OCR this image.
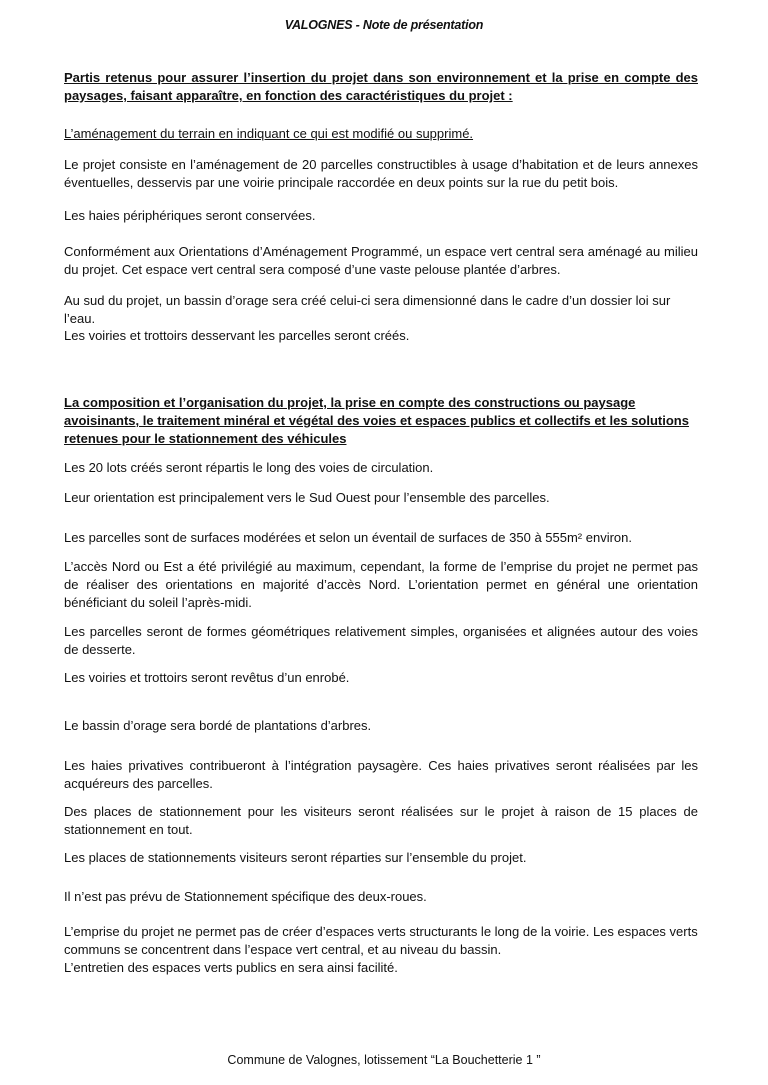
VALOGNES - Note de présentation
Partis retenus pour assurer l’insertion du projet dans son environnement et la prise en compte des paysages, faisant apparaître, en fonction des caractéristiques du projet :
L’aménagement du terrain en indiquant ce qui est modifié ou supprimé.
Le projet consiste en l’aménagement de 20 parcelles constructibles à usage d’habitation et de leurs annexes éventuelles, desservis par une voirie principale raccordée en deux points sur la rue du petit bois.
Les haies périphériques seront conservées.
Conformément aux Orientations d’Aménagement Programmé, un espace vert central sera aménagé au milieu du projet. Cet espace vert central sera composé d’une vaste pelouse plantée d’arbres.
Au sud du projet, un bassin d’orage sera créé celui-ci sera dimensionné dans le cadre d’un dossier loi sur l’eau.
Les voiries et trottoirs desservant les parcelles seront créés.
La composition et l’organisation du projet, la prise en compte des constructions ou paysage avoisinants, le traitement minéral et végétal des voies et espaces publics et collectifs et les solutions retenues pour le stationnement des véhicules
Les 20 lots créés seront répartis le long des voies de circulation.
Leur orientation est principalement vers le Sud Ouest pour l’ensemble des parcelles.
Les parcelles sont de surfaces modérées et selon un éventail de surfaces de 350 à 555m² environ.
L’accès Nord ou Est a été privilégié au maximum, cependant, la forme de l’emprise du projet ne permet pas de réaliser des orientations en majorité d’accès Nord. L’orientation permet en général une orientation bénéficiant du soleil l’après-midi.
Les parcelles seront de formes géométriques relativement simples, organisées et alignées autour des voies de desserte.
Les voiries et trottoirs seront revêtus d’un enrobé.
Le bassin d’orage sera bordé de plantations d’arbres.
Les haies privatives contribueront à l’intégration paysagère. Ces haies privatives seront réalisées par les acquéreurs des parcelles.
Des places de stationnement pour les visiteurs seront réalisées sur le projet à raison de 15 places de stationnement en tout.
Les places de stationnements visiteurs seront réparties sur l’ensemble du projet.
Il n’est pas prévu de Stationnement spécifique des deux-roues.
L’emprise du projet ne permet pas de créer d’espaces verts structurants le long de la voirie. Les espaces verts communs se concentrent dans l’espace vert central, et au niveau du bassin.
L’entretien des espaces verts publics en sera ainsi facilité.
Commune de Valognes, lotissement “La Bouchetterie 1 ”
